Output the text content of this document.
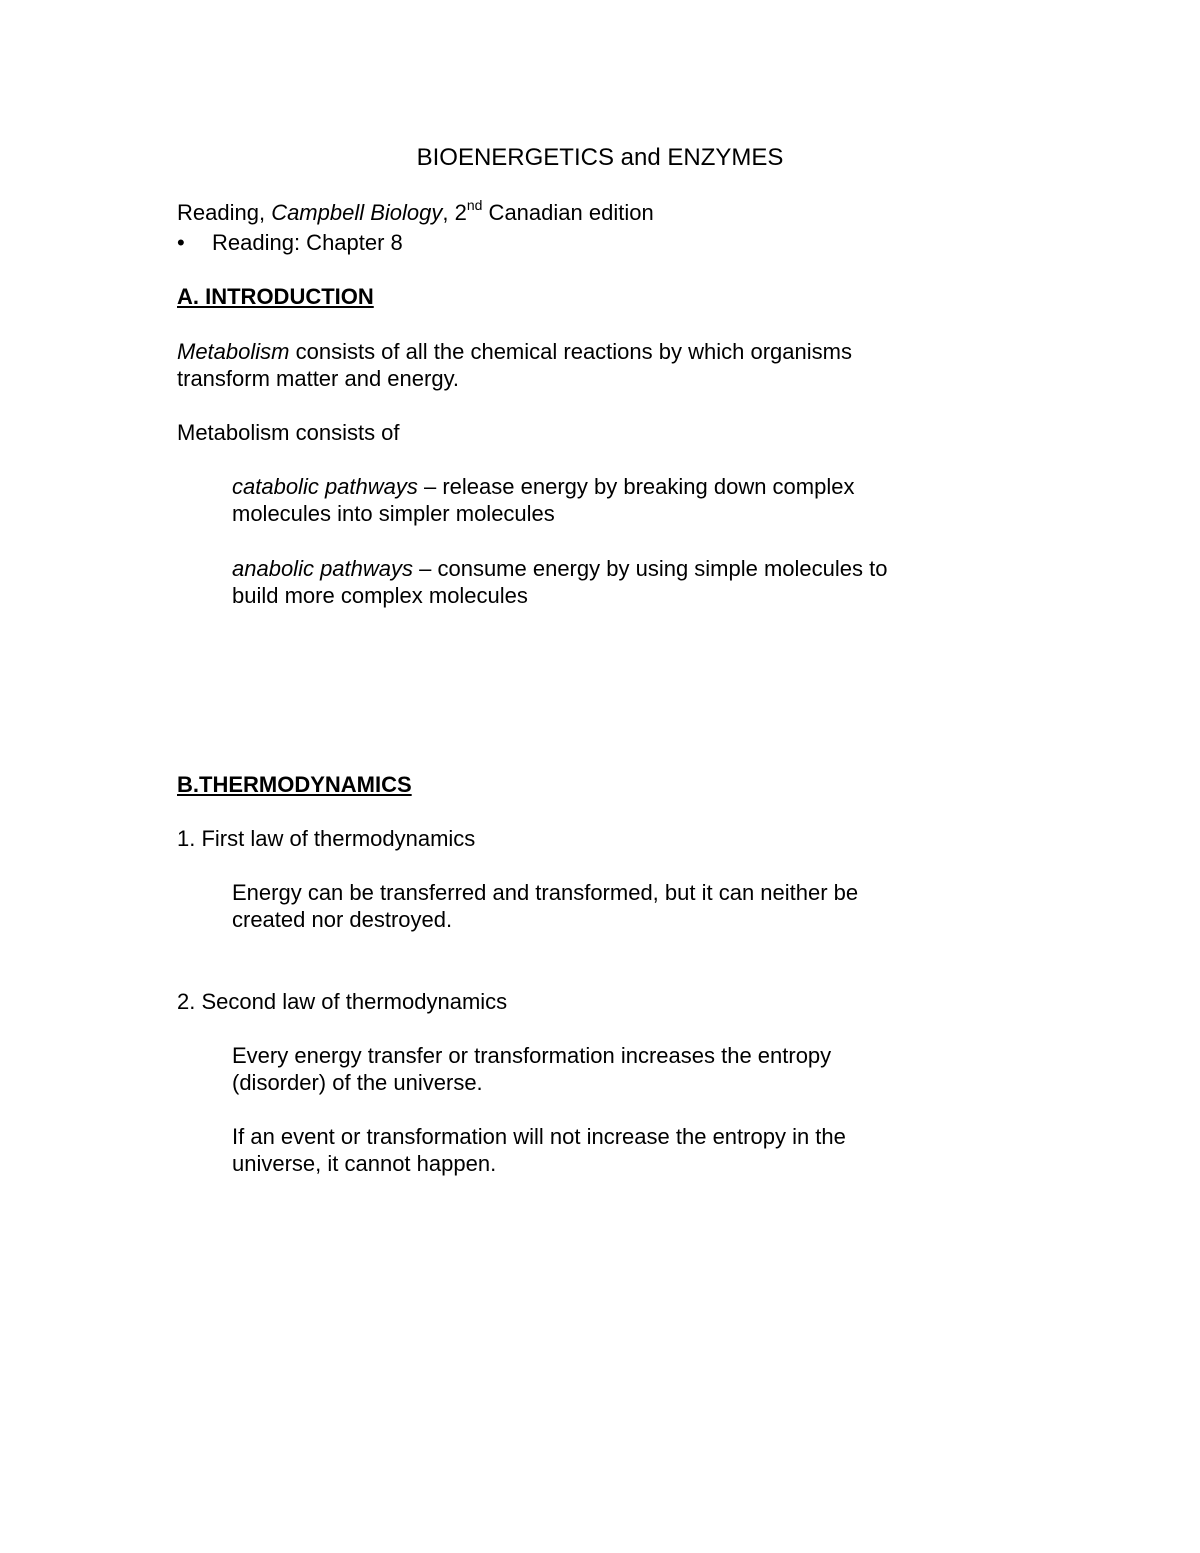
BIOENERGETICS and ENZYMES
Reading, Campbell Biology, 2nd Canadian edition
• Reading: Chapter 8
A. INTRODUCTION
Metabolism consists of all the chemical reactions by which organisms
transform matter and energy.
Metabolism consists of
catabolic pathways – release energy by breaking down complex
molecules into simpler molecules
anabolic pathways – consume energy by using simple molecules to
build more complex molecules
B.THERMODYNAMICS
1. First law of thermodynamics
Energy can be transferred and transformed, but it can neither be
created nor destroyed.
2. Second law of thermodynamics
Every energy transfer or transformation increases the entropy
(disorder) of the universe.
If an event or transformation will not increase the entropy in the
universe, it cannot happen.
